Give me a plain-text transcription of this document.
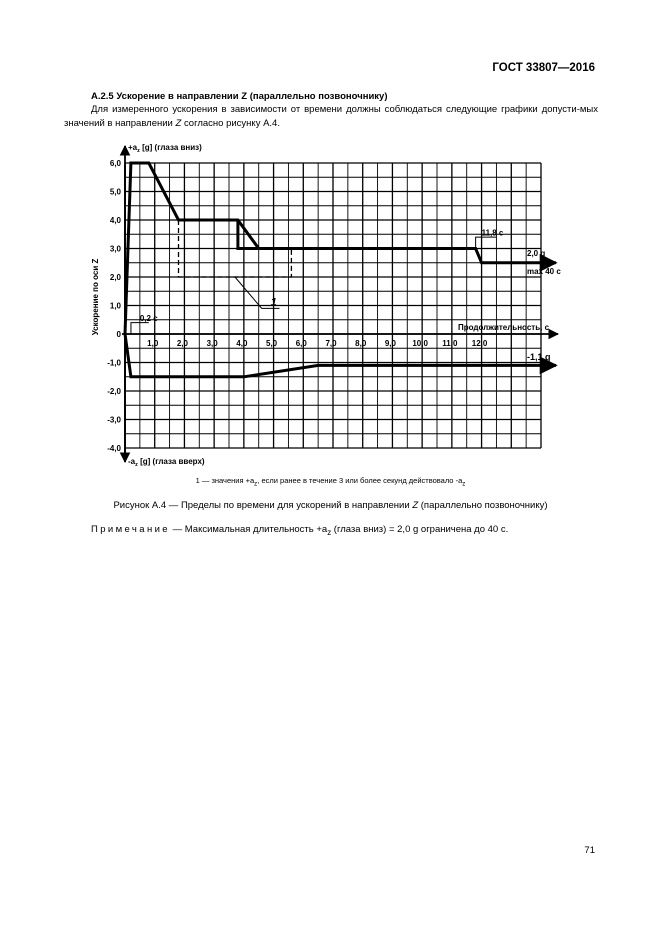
ГОСТ 33807—2016
А.2.5 Ускорение в направлении Z (параллельно позвоночнику)
Для измеренного ускорения в зависимости от времени должны соблюдаться следующие графики допусти-мых значений в направлении Z согласно рисунку А.4.
6,0
5,0
4,0
3,0
2,0
1,0
0
-1,0
-2,0
-3,0
-4,0
1,0 2,0 3,0 4,0 5,0 6,0 7,0 8,0 9,0 10,0 11,0 12,0
$+a_z$ [g] (глаза вниз)
$-a_z$ [g] (глаза вверх)
Ускорение по оси Z	Продолжительность, с
0,2 c
11,8 c
2,0 g
max 40 c
-1,1 g
1
1 — значения $+a_z$, если ранее в течение 3 или более секунд действовало $-a_z$
Рисунок А.4 — Пределы по времени для ускорений в направлении Z (параллельно позвоночнику)
Примечание — Максимальная длительность $+a_z$ (глаза вниз) = 2,0 g ограничена до 40 с.
71
